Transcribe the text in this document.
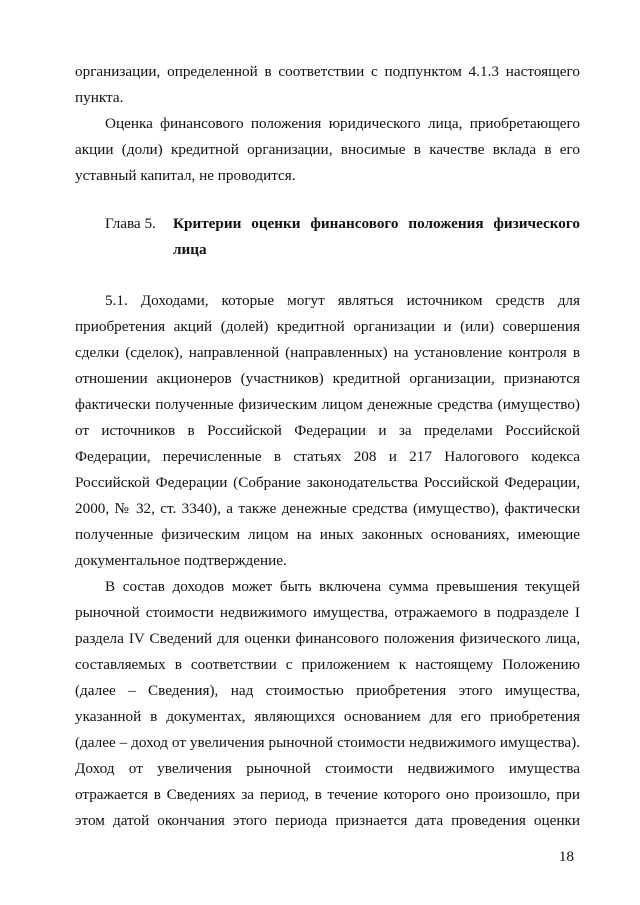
организации, определенной в соответствии с подпунктом 4.1.3 настоящего
пункта.
Оценка финансового положения юридического лица, приобретающего акции (доли) кредитной организации, вносимые в качестве вклада в его уставный капитал, не проводится.
Глава 5. Критерии оценки финансового положения физического лица
5.1. Доходами, которые могут являться источником средств для приобретения акций (долей) кредитной организации и (или) совершения сделки (сделок), направленной (направленных) на установление контроля в отношении акционеров (участников) кредитной организации, признаются фактически полученные физическим лицом денежные средства (имущество) от источников в Российской Федерации и за пределами Российской Федерации, перечисленные в статьях 208 и 217 Налогового кодекса Российской Федерации (Собрание законодательства Российской Федерации, 2000, № 32, ст. 3340), а также денежные средства (имущество), фактически полученные физическим лицом на иных законных основаниях, имеющие документальное подтверждение.
В состав доходов может быть включена сумма превышения текущей рыночной стоимости недвижимого имущества, отражаемого в подразделе I раздела IV Сведений для оценки финансового положения физического лица, составляемых в соответствии с приложением к настоящему Положению (далее – Сведения), над стоимостью приобретения этого имущества, указанной в документах, являющихся основанием для его приобретения (далее – доход от увеличения рыночной стоимости недвижимого имущества). Доход от увеличения рыночной стоимости недвижимого имущества отражается в Сведениях за период, в течение которого оно произошло, при этом датой окончания этого периода признается дата проведения оценки
18
